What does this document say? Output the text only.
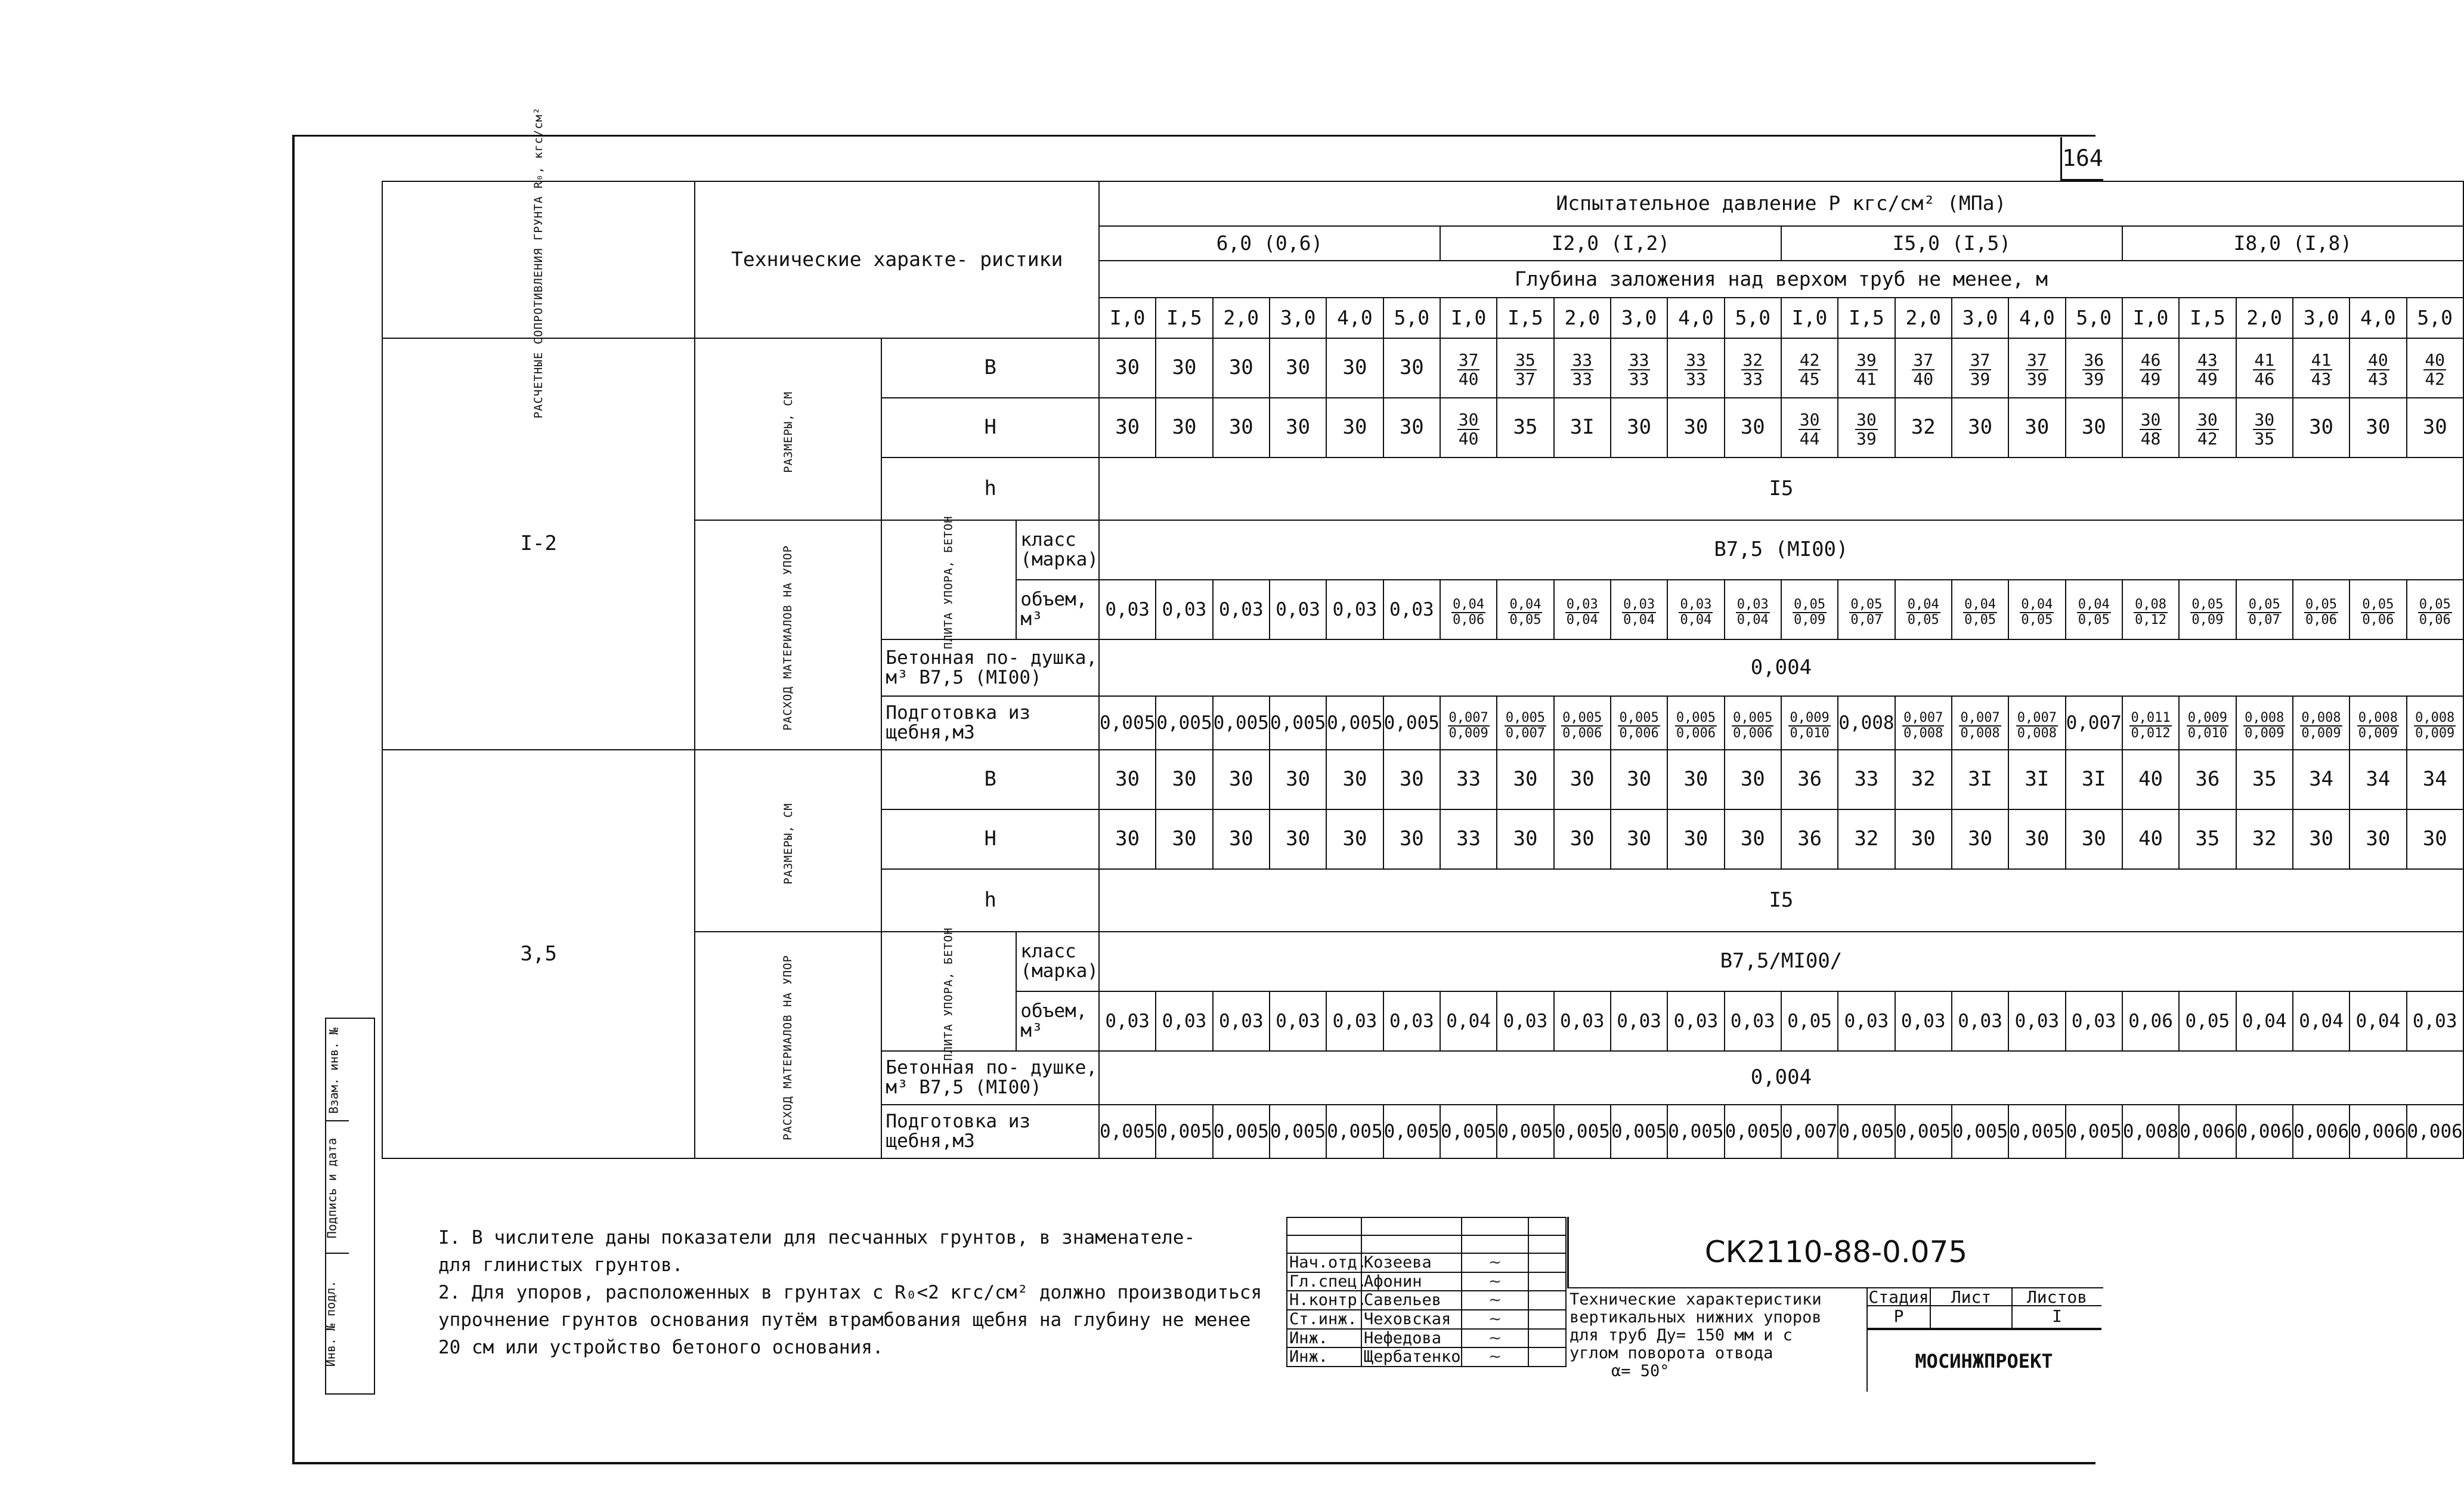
164
РАСЧЕТНЫЕ СОПРОТИВЛЕНИЯ ГРУНТА R₀, кгс/см²	Технические характе- ристики			Испытательное давление P кгс/см² (МПа)																							
				6,0 (0,6)						I2,0 (I,2)						I5,0 (I,5)						I8,0 (I,8)					
				Глубина заложения над верхом труб не менее, м																							
				I,0	I,5	2,0	3,0	4,0	5,0	I,0	I,5	2,0	3,0	4,0	5,0	I,0	I,5	2,0	3,0	4,0	5,0	I,0	I,5	2,0	3,0	4,0	5,0
I-2	РАЗМЕРЫ, СМ	B		30	30	30	30	30	30	$\frac{37}{40}$	$\frac{35}{37}$	$\frac{33}{33}$	$\frac{33}{33}$	$\frac{33}{33}$	$\frac{32}{33}$	$\frac{42}{45}$	$\frac{39}{41}$	$\frac{37}{40}$	$\frac{37}{39}$	$\frac{37}{39}$	$\frac{36}{39}$	$\frac{46}{49}$	$\frac{43}{49}$	$\frac{41}{46}$	$\frac{41}{43}$	$\frac{40}{43}$	$\frac{40}{42}$

		H		30	30	30	30	30	30	$\frac{30}{40}$	35	3I	30	30	30	$\frac{30}{44}$	$\frac{30}{39}$	32	30	30	30	$\frac{30}{48}$	$\frac{30}{42}$	$\frac{30}{35}$	30	30	30
		h		I5																							
	РАСХОД МАТЕРИАЛОВ НА УПОР	ПЛИТА УПОРА, БЕТОН	класс (марка)	B7,5 (MI00)																							
			объем, м³	0,03	0,03	0,03	0,03	0,03	0,03	$\frac{0,04}{0,06}$	$\frac{0,04}{0,05}$	$\frac{0,03}{0,04}$	$\frac{0,03}{0,04}$	$\frac{0,03}{0,04}$	$\frac{0,03}{0,04}$	$\frac{0,05}{0,09}$	$\frac{0,05}{0,07}$	$\frac{0,04}{0,05}$	$\frac{0,04}{0,05}$	$\frac{0,04}{0,05}$	$\frac{0,04}{0,05}$	$\frac{0,08}{0,12}$	$\frac{0,05}{0,09}$	$\frac{0,05}{0,07}$	$\frac{0,05}{0,06}$	$\frac{0,05}{0,06}$	$\frac{0,05}{0,06}$

		Бетонная по- душка, м³ B7,5 (MI00)		0,004																							
		Подготовка из щебня,м3		0,005	0,005	0,005	0,005	0,005	0,005	$\frac{0,007}{0,009}$	$\frac{0,005}{0,007}$	$\frac{0,005}{0,006}$	$\frac{0,005}{0,006}$	$\frac{0,005}{0,006}$	$\frac{0,005}{0,006}$	$\frac{0,009}{0,010}$	0,008	$\frac{0,007}{0,008}$	$\frac{0,007}{0,008}$	$\frac{0,007}{0,008}$	0,007	$\frac{0,011}{0,012}$	$\frac{0,009}{0,010}$	$\frac{0,008}{0,009}$	$\frac{0,008}{0,009}$	$\frac{0,008}{0,009}$	$\frac{0,008}{0,009}$

3,5	РАЗМЕРЫ, СМ	B		30	30	30	30	30	30	33	30	30	30	30	30	36	33	32	3I	3I	3I	40	36	35	34	34	34
		H		30	30	30	30	30	30	33	30	30	30	30	30	36	32	30	30	30	30	40	35	32	30	30	30
		h		I5																							
	РАСХОД МАТЕРИАЛОВ НА УПОР	ПЛИТА УПОРА, БЕТОН	класс (марка)	B7,5/MI00/																							
			объем, м³	0,03	0,03	0,03	0,03	0,03	0,03	0,04	0,03	0,03	0,03	0,03	0,03	0,05	0,03	0,03	0,03	0,03	0,03	0,06	0,05	0,04	0,04	0,04	0,03
		Бетонная по- душке, м³ B7,5 (MI00)		0,004																							
		Подготовка из щебня,м3		0,005	0,005	0,005	0,005	0,005	0,005	0,005	0,005	0,005	0,005	0,005	0,005	0,007	0,005	0,005	0,005	0,005	0,005	0,008	0,006	0,006	0,006	0,006	0,006

I. В числителе даны показатели для песчанных грунтов, в знаменателе-

для глинистых грунтов.

2. Для упоров, расположенных в грунтах с R₀<2 кгс/см² должно производиться

упрочнение грунтов основания путём втрамбования щебня на глубину не менее

20 см или устройство бетоного основания.

Нач.отд.	Козеева	~	
Гл.спец.	Афонин	~	
Н.контр.	Савельев	~	
Ст.инж.	Чеховская	~	
Инж.	Нефедова	~	
Инж.	Щербатенко	~	
СК2110-88-0.075
Технические характеристики
вертикальных нижних упоров
для труб Ду= 150 мм и с
углом поворота отвода
α= 50°
Стадия	Лист	Листов
Р	I
МОСИНЖПРОЕКТ
Взам. инв. №
Подпись и дата
Инв. № подл.
